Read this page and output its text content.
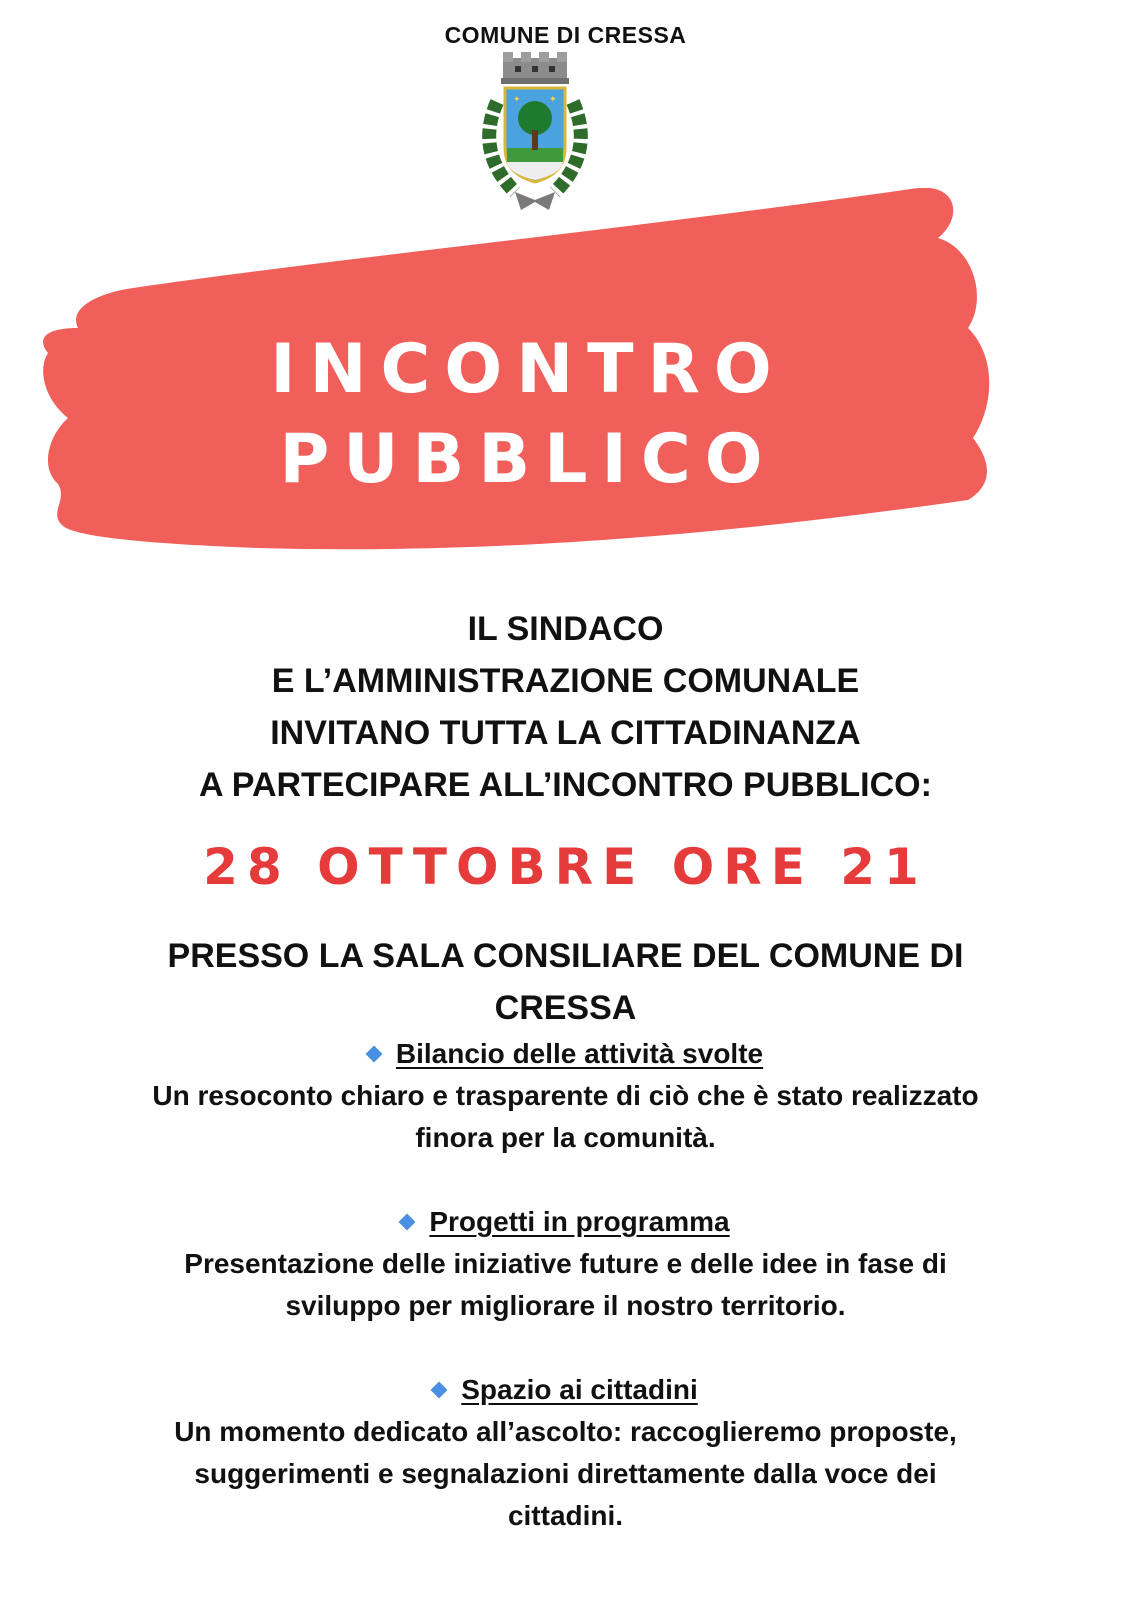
COMUNE DI CRESSA
✦	✦
INCONTRO
PUBBLICO
IL SINDACO
E L’AMMINISTRAZIONE COMUNALE
INVITANO TUTTA LA CITTADINANZA
A PARTECIPARE ALL’INCONTRO PUBBLICO:
28 OTTOBRE ORE 21
PRESSO LA SALA CONSILIARE DEL COMUNE DI
CRESSA
Bilancio delle attività svolte
Un resoconto chiaro e trasparente di ciò che è stato realizzato
finora per la comunità.
Progetti in programma
Presentazione delle iniziative future e delle idee in fase di
sviluppo per migliorare il nostro territorio.
Spazio ai cittadini
Un momento dedicato all’ascolto: raccoglieremo proposte,
suggerimenti e segnalazioni direttamente dalla voce dei
cittadini.
